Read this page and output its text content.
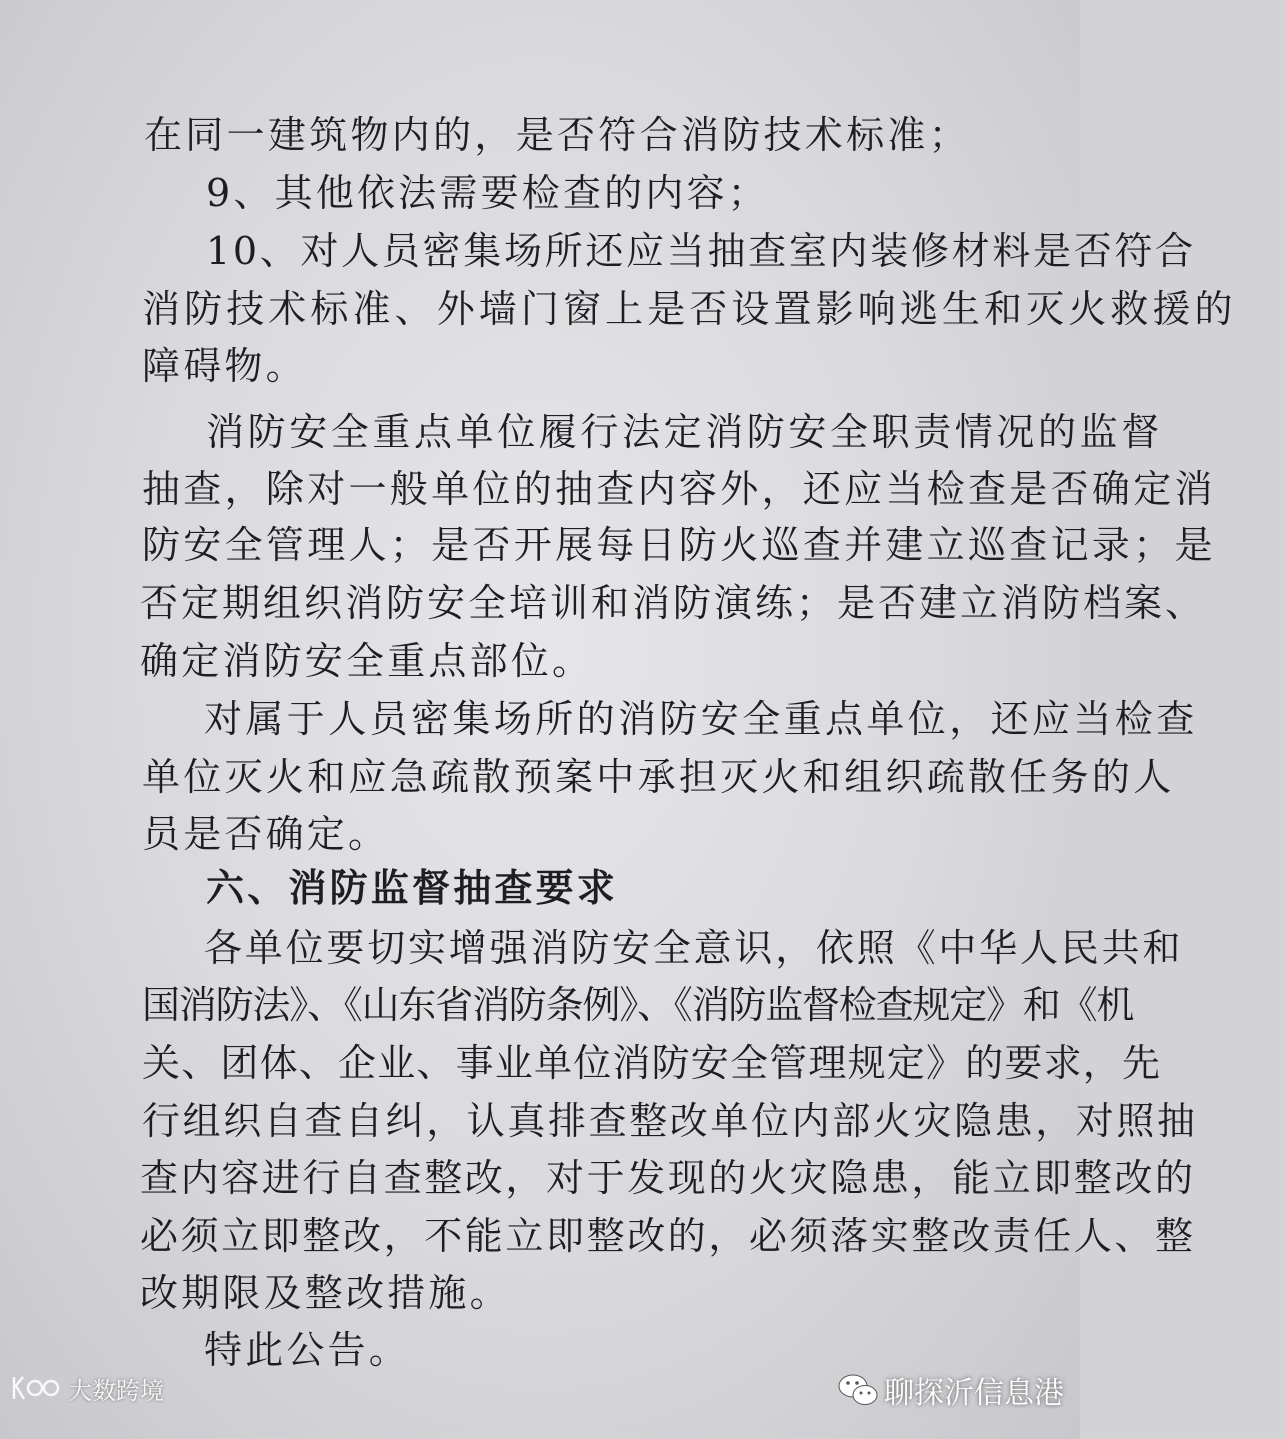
在同一建筑物内的，是否符合消防技术标准；
9、其他依法需要检查的内容；
10、对人员密集场所还应当抽查室内装修材料是否符合
消防技术标准、外墙门窗上是否设置影响逃生和灭火救援的
障碍物。
消防安全重点单位履行法定消防安全职责情况的监督
抽查，除对一般单位的抽查内容外，还应当检查是否确定消
防安全管理人；是否开展每日防火巡查并建立巡查记录；是
否定期组织消防安全培训和消防演练；是否建立消防档案、
确定消防安全重点部位。
对属于人员密集场所的消防安全重点单位，还应当检查
单位灭火和应急疏散预案中承担灭火和组织疏散任务的人
员是否确定。
六、消防监督抽查要求
各单位要切实增强消防安全意识，依照《中华人民共和
国消防法》、《山东省消防条例》、《消防监督检查规定》和《机
关、团体、企业、事业单位消防安全管理规定》的要求，先
行组织自查自纠，认真排查整改单位内部火灾隐患，对照抽
查内容进行自查整改，对于发现的火灾隐患，能立即整改的
必须立即整改，不能立即整改的，必须落实整改责任人、整
改期限及整改措施。
特此公告。
大数跨境	聊探沂信息港
